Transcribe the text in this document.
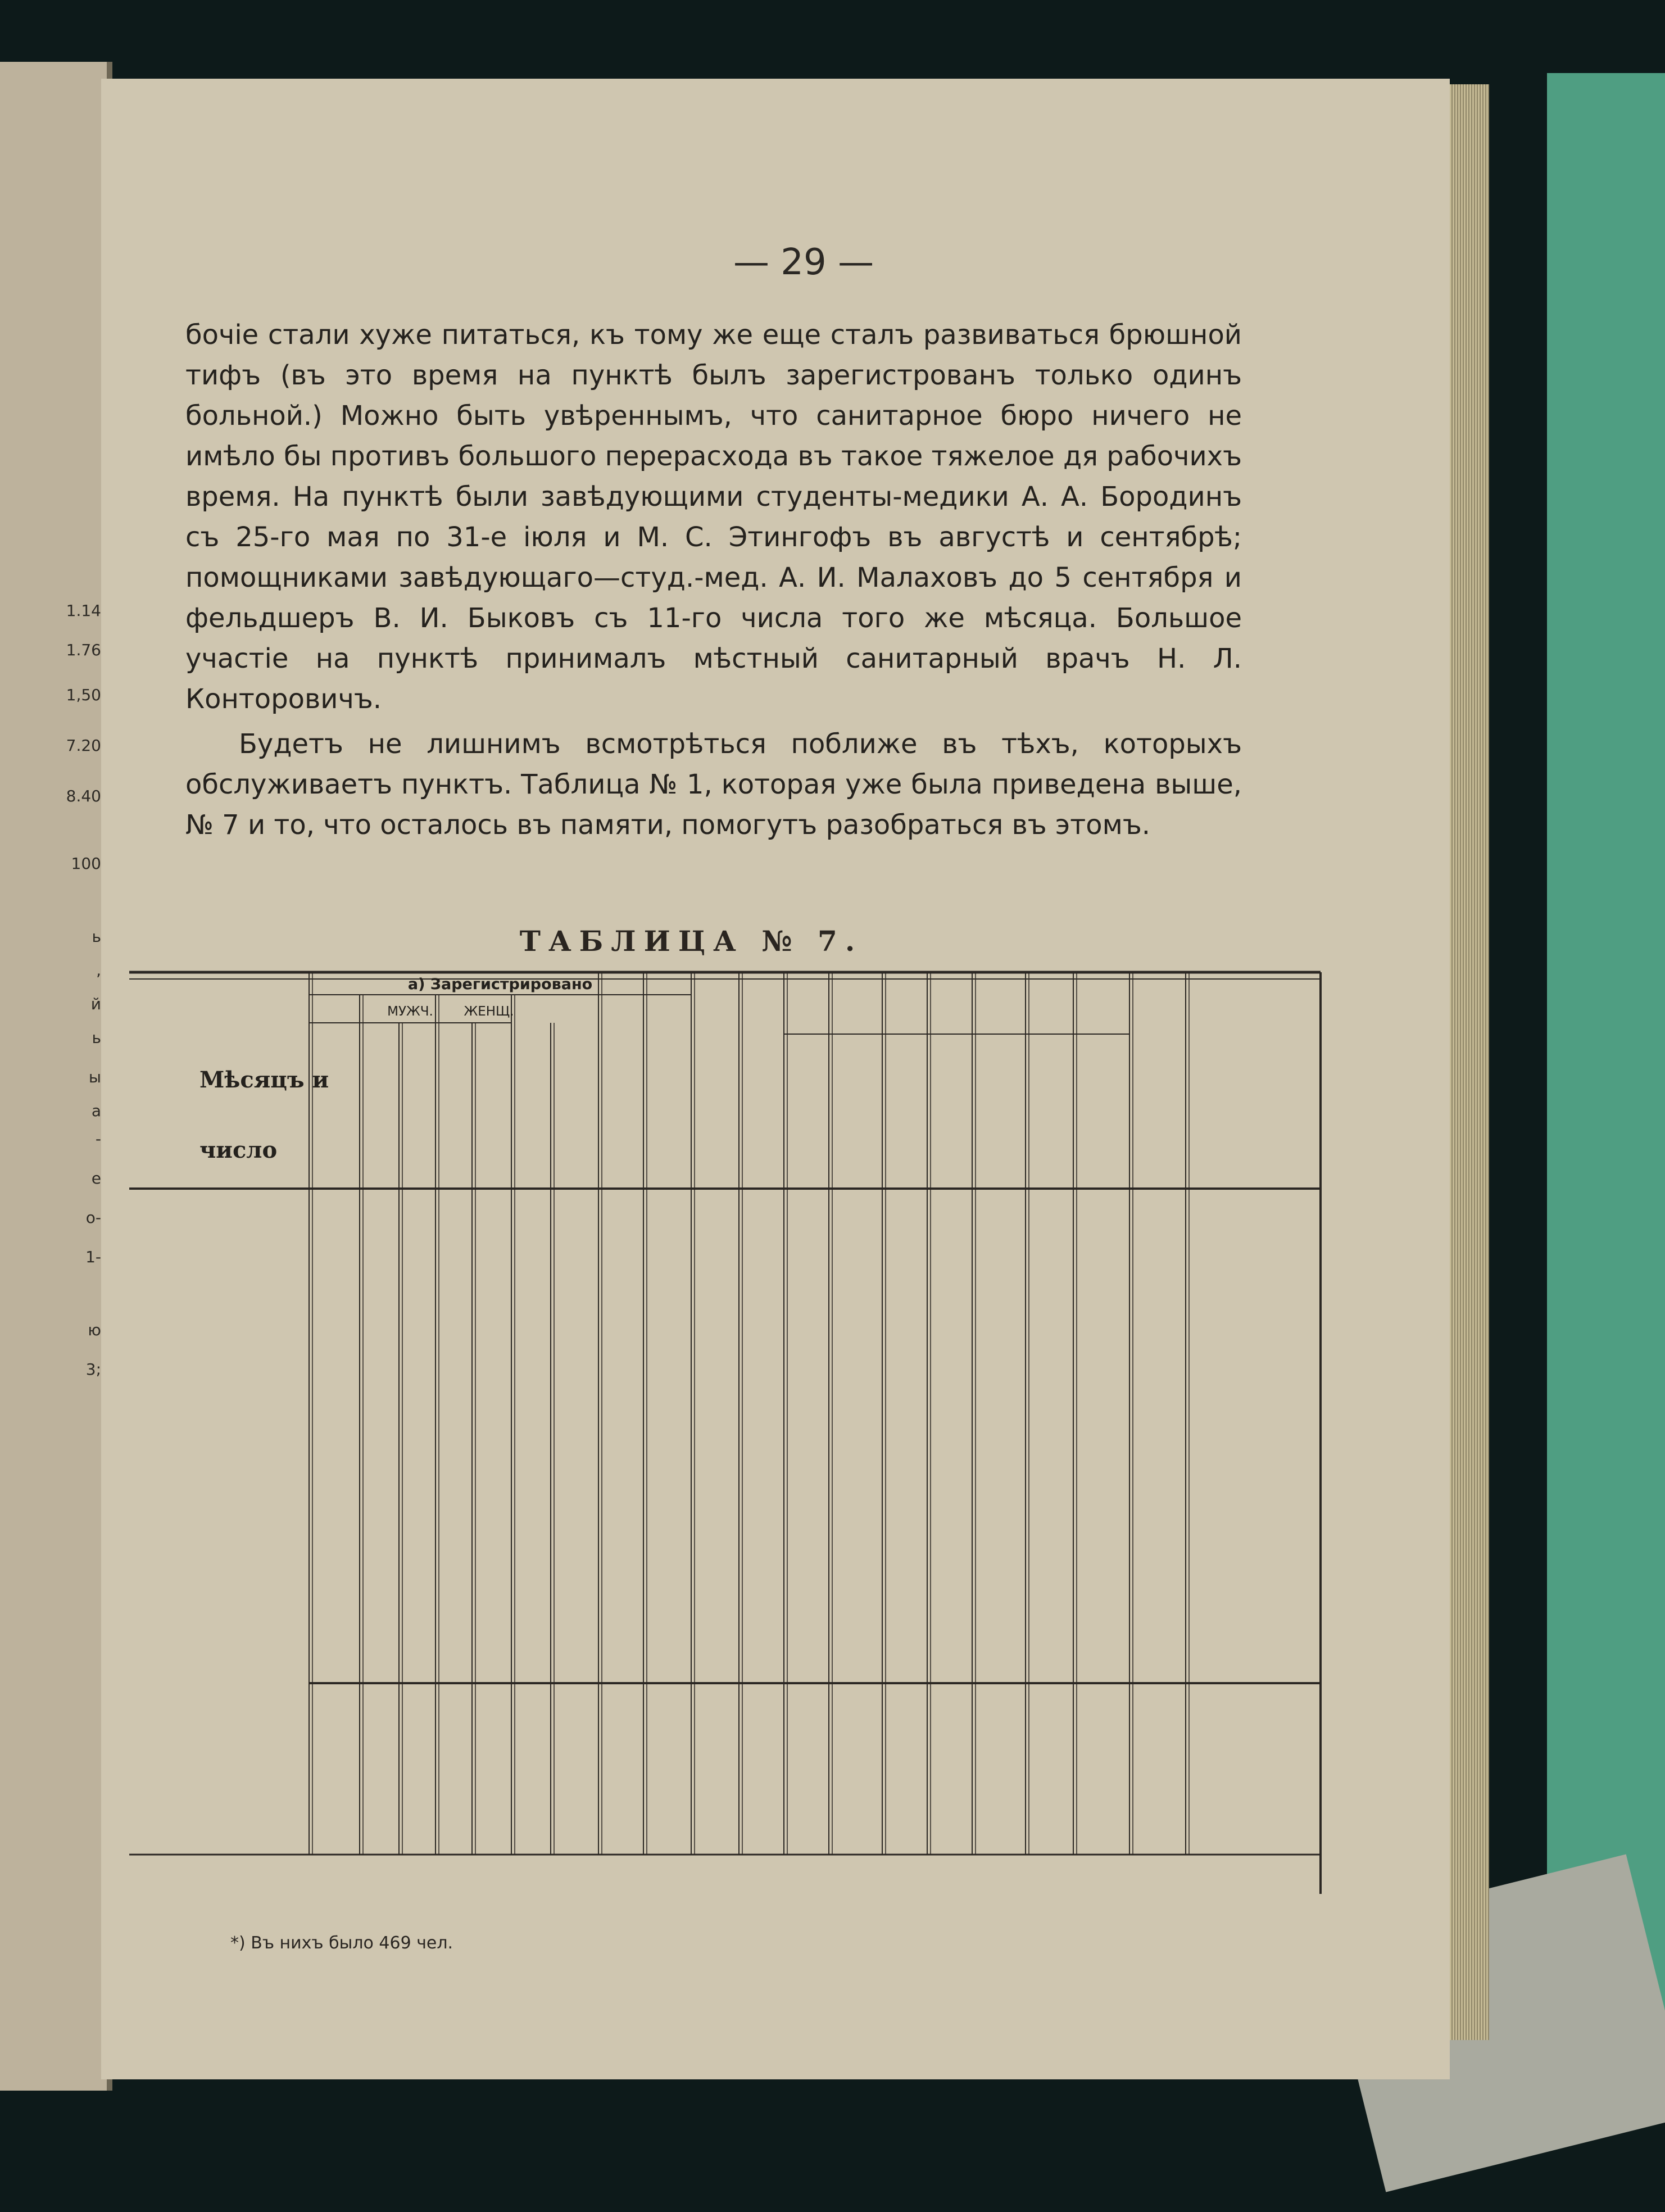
1.14
1.76
1,50
7.20
8.40
100
ь
,
й
ь
ы
а
-
е
о-
1-
ю
3;
— 29 —

бочіе стали хуже питаться, къ тому же еще сталъ развиваться брюшной тифъ (въ это время на пунктѣ былъ зарегистрованъ только одинъ больной.) Можно быть увѣреннымъ, что санитарное бюро ничего не имѣло бы противъ большого перерасхода въ такое тяжелое дя рабочихъ время. На пунктѣ были завѣдующими студенты-медики А. А. Бородинъ съ 25-го мая по 31-е іюля и М. С. Этингофъ въ августѣ и сентябрѣ; помощниками завѣдующаго—студ.-мед. А. И. Малаховъ до 5 сентября и фельдшеръ В. И. Быковъ съ 11-го числа того же мѣсяца. Большое участіе на пунктѣ принималъ мѣстный санитарный врачъ Н. Л. Конторовичъ.

Будетъ не лишнимъ всмотрѣться поближе въ тѣхъ, которыхъ обслуживаетъ пунктъ. Таблица № 1, которая уже была приведена выше, № 7 и то, что осталось въ памяти, помогутъ разобраться въ этомъ.

ТАБЛИЦА № 7.
Мѣсяцъ и
число
а) Зарегистрировано
МУЖЧ. ЖЕНЩ.
*) Въ нихъ было 469 чел.
